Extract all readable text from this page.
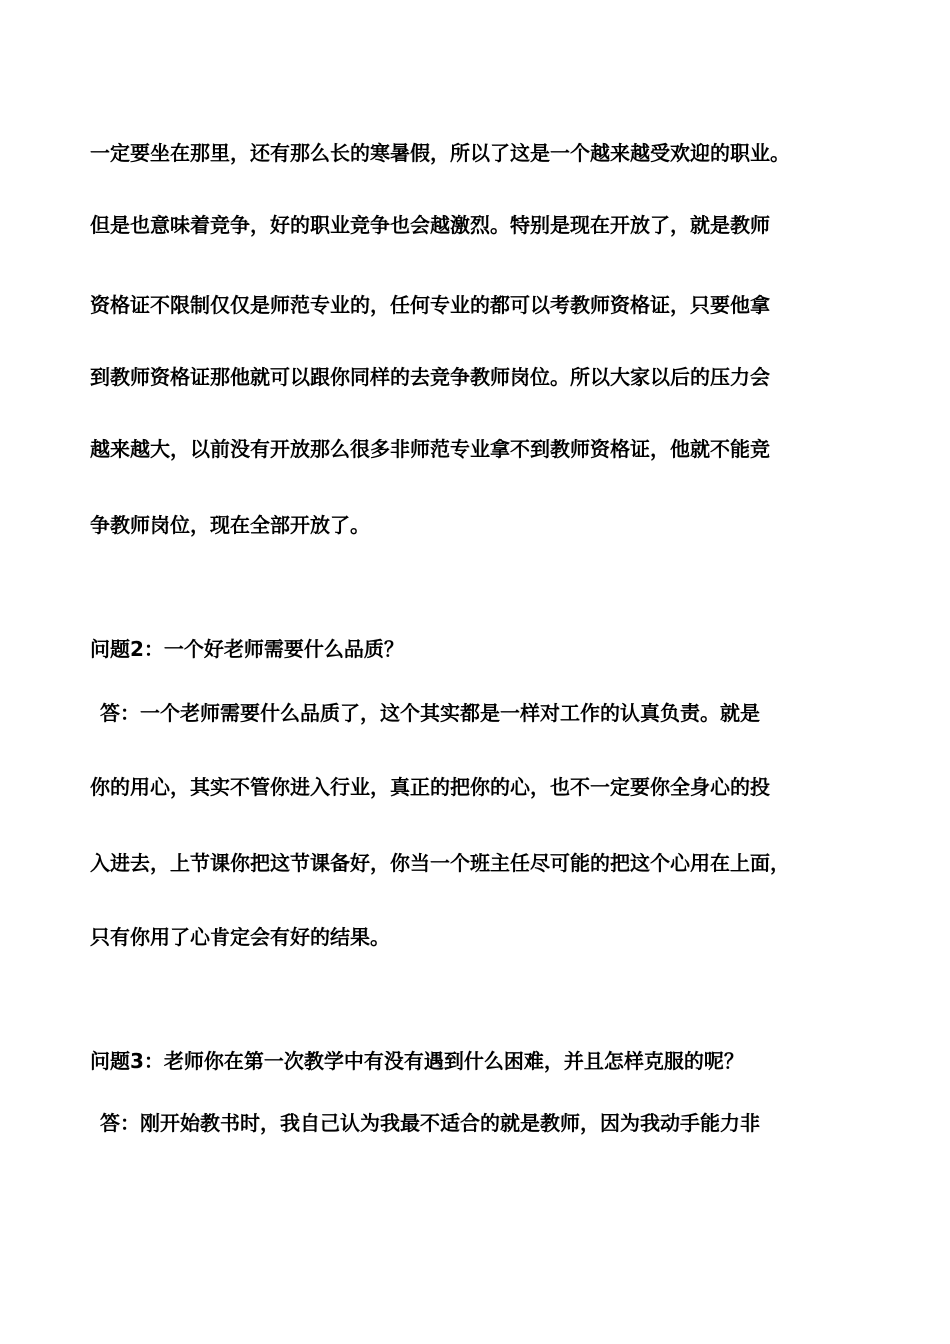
一定要坐在那里，还有那么长的寒暑假，所以了这是一个越来越受欢迎的职业。
但是也意味着竞争，好的职业竞争也会越激烈。特别是现在开放了，就是教师
资格证不限制仅仅是师范专业的，任何专业的都可以考教师资格证，只要他拿
到教师资格证那他就可以跟你同样的去竞争教师岗位。所以大家以后的压力会
越来越大，以前没有开放那么很多非师范专业拿不到教师资格证，他就不能竞
争教师岗位，现在全部开放了。
问题2：一个好老师需要什么品质？
答：一个老师需要什么品质了，这个其实都是一样对工作的认真负责。就是
你的用心，其实不管你进入行业，真正的把你的心，也不一定要你全身心的投
入进去，上节课你把这节课备好，你当一个班主任尽可能的把这个心用在上面，
只有你用了心肯定会有好的结果。
问题3：老师你在第一次教学中有没有遇到什么困难，并且怎样克服的呢？
答：刚开始教书时，我自己认为我最不适合的就是教师，因为我动手能力非
